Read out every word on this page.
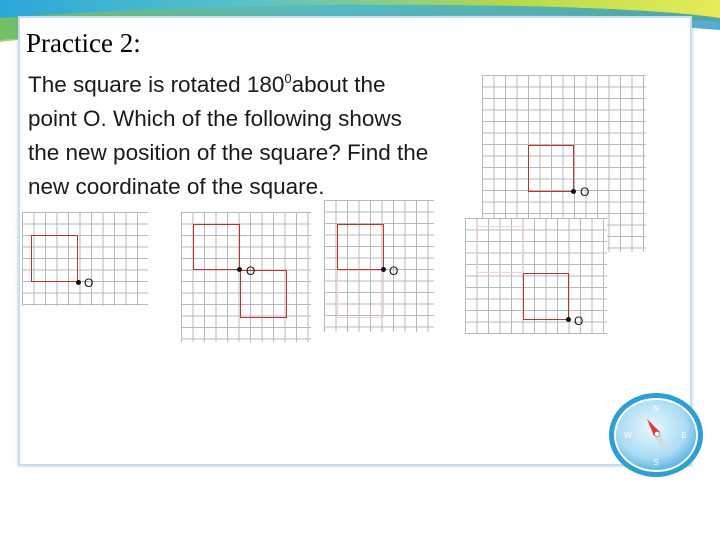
Practice 2:
The square is rotated $180^0about$ the
point O. Which of the following shows
the new position of the square? Find the
new coordinate of the square.	O
O
O	O
O
N
E
S
W
